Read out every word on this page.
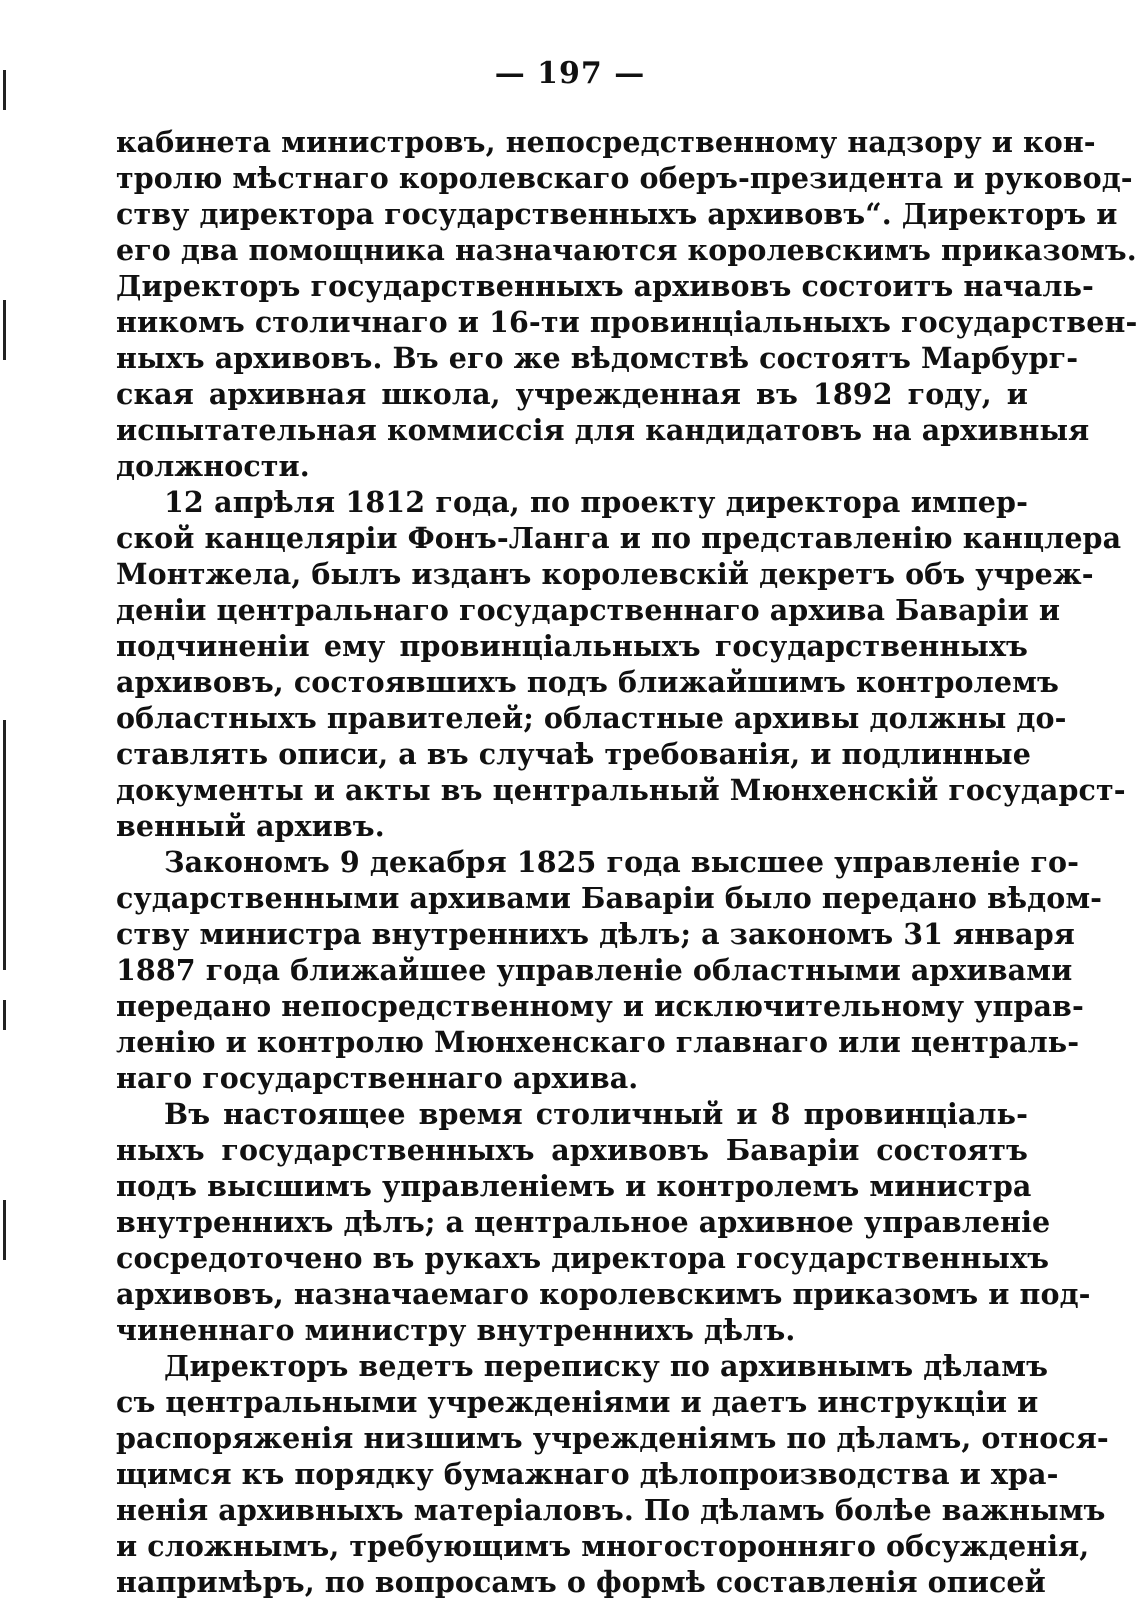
— 197 —
кабинета министровъ, непосредственному надзору и кон-
тролю мѣстнаго королевскаго оберъ-президента и руковод-
ству директора государственныхъ архивовъ“. Директоръ и
его два помощника назначаются королевскимъ приказомъ.
Директоръ государственныхъ архивовъ состоитъ началь-
никомъ столичнаго и 16-ти провинціальныхъ государствен-
ныхъ архивовъ. Въ его же вѣдомствѣ состоятъ Марбург-
ская архивная школа, учрежденная въ 1892 году, и
испытательная коммиссія для кандидатовъ на архивныя
должности.
12 апрѣля 1812 года, по проекту директора импер-
ской канцеляріи Фонъ-Ланга и по представленію канцлера
Монтжела, былъ изданъ королевскій декретъ объ учреж-
деніи центральнаго государственнаго архива Баваріи и
подчиненіи ему провинціальныхъ государственныхъ
архивовъ, состоявшихъ подъ ближайшимъ контролемъ
областныхъ правителей; областные архивы должны до-
ставлять описи, а въ случаѣ требованія, и подлинные
документы и акты въ центральный Мюнхенскій государст-
венный архивъ.
Закономъ 9 декабря 1825 года высшее управленіе го-
сударственными архивами Баваріи было передано вѣдом-
ству министра внутреннихъ дѣлъ; а закономъ 31 января
1887 года ближайшее управленіе областными архивами
передано непосредственному и исключительному управ-
ленію и контролю Мюнхенскаго главнаго или централь-
наго государственнаго архива.
Въ настоящее время столичный и 8 провинціаль-
ныхъ государственныхъ архивовъ Баваріи состоятъ
подъ высшимъ управленіемъ и контролемъ министра
внутреннихъ дѣлъ; а центральное архивное управленіе
сосредоточено въ рукахъ директора государственныхъ
архивовъ, назначаемаго королевскимъ приказомъ и под-
чиненнаго министру внутреннихъ дѣлъ.
Директоръ ведетъ переписку по архивнымъ дѣламъ
съ центральными учрежденіями и даетъ инструкціи и
распоряженія низшимъ учрежденіямъ по дѣламъ, относя-
щимся къ порядку бумажнаго дѣлопроизводства и хра-
ненія архивныхъ матеріаловъ. По дѣламъ болѣе важнымъ
и сложнымъ, требующимъ многосторонняго обсужденія,
напримѣръ, по вопросамъ о формѣ составленія описей
